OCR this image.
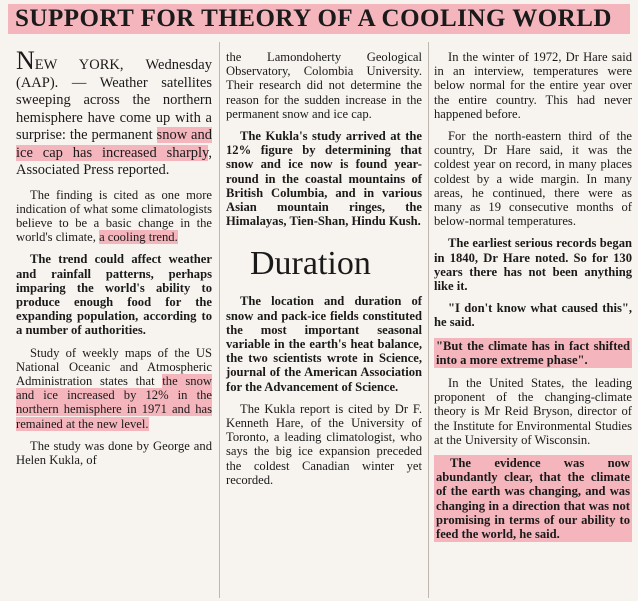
SUPPORT FOR THEORY OF A COOLING WORLD

NEW YORK, Wednesday (AAP). — Weather satellites sweeping across the northern hemisphere have come up with a surprise: the permanent snow and ice cap has increased sharply, Associated Press reported.

The finding is cited as one more indication of what some climatologists believe to be a basic change in the world's climate, a cooling trend.

The trend could affect weather and rainfall patterns, perhaps imparing the world's ability to produce enough food for the expanding population, according to a number of authorities.

Study of weekly maps of the US National Oceanic and Atmospheric Administration states that the snow and ice increased by 12% in the northern hemisphere in 1971 and has remained at the new level.

The study was done by George and Helen Kukla, of

the Lamondoherty Geological Observatory, Colombia University. Their research did not determine the reason for the sudden increase in the permanent snow and ice cap.

The Kukla's study arrived at the 12% figure by determining that snow and ice now is found year-round in the coastal mountains of British Columbia, and in various Asian mountain ringes, the Himalayas, Tien-Shan, Hindu Kush.

Duration

The location and duration of snow and pack-ice fields constituted the most important seasonal variable in the earth's heat balance, the two scientists wrote in Science, journal of the American Association for the Advancement of Science.

The Kukla report is cited by Dr F. Kenneth Hare, of the University of Toronto, a leading climatologist, who says the big ice expansion preceded the coldest Canadian winter yet recorded.

In the winter of 1972, Dr Hare said in an interview, temperatures were below normal for the entire year over the entire country. This had never happened before.

For the north-eastern third of the country, Dr Hare said, it was the coldest year on record, in many places coldest by a wide margin. In many areas, he continued, there were as many as 19 consecutive months of below-normal temperatures.

The earliest serious records began in 1840, Dr Hare noted. So for 130 years there has not been anything like it.

"I don't know what caused this", he said.

"But the climate has in fact shifted into a more extreme phase".

In the United States, the leading proponent of the changing-climate theory is Mr Reid Bryson, director of the Institute for Environmental Studies at the University of Wisconsin.

The evidence was now abundantly clear, that the climate of the earth was changing, and was changing in a direction that was not promising in terms of our ability to feed the world, he said.
